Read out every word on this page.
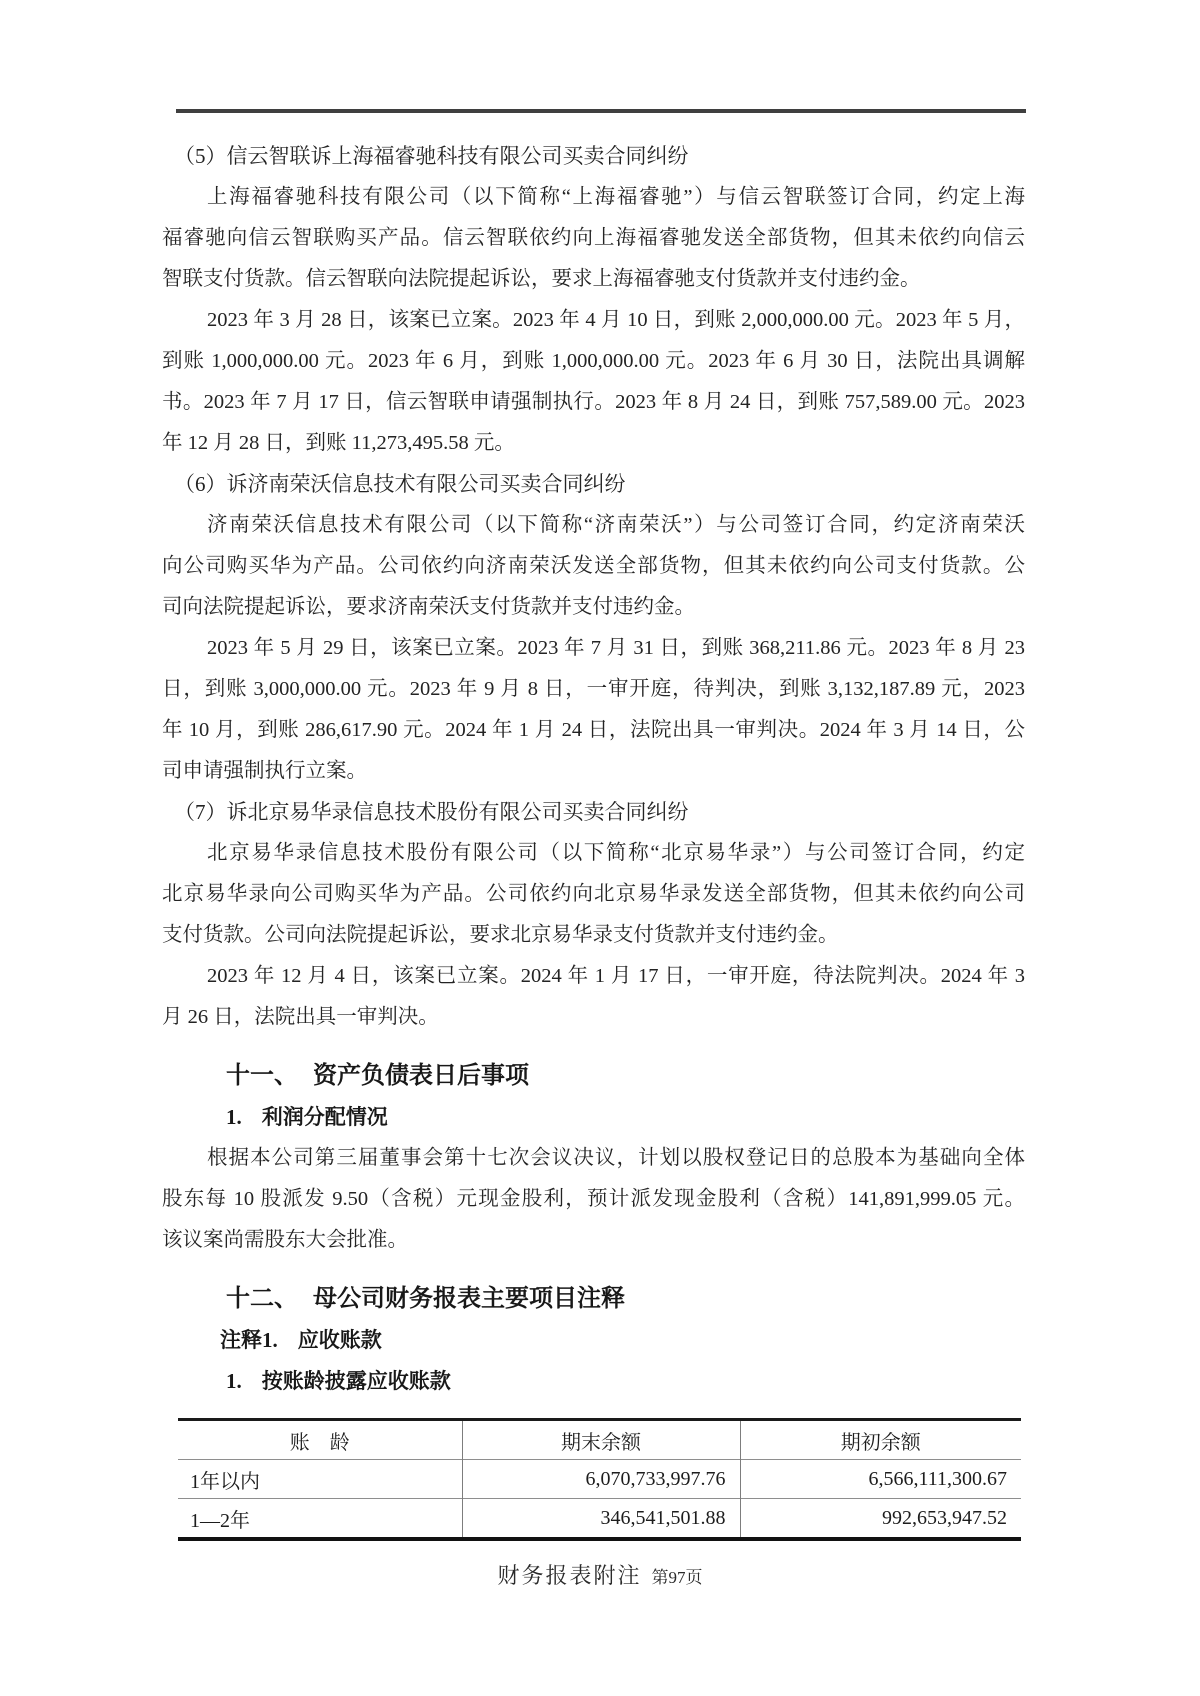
（5）信云智联诉上海福睿驰科技有限公司买卖合同纠纷
上海福睿驰科技有限公司（以下简称“上海福睿驰”）与信云智联签订合同，约定上海
福睿驰向信云智联购买产品。信云智联依约向上海福睿驰发送全部货物，但其未依约向信云
智联支付货款。信云智联向法院提起诉讼，要求上海福睿驰支付货款并支付违约金。
2023 年 3 月 28 日，该案已立案。2023 年 4 月 10 日，到账 2,000,000.00 元。2023 年 5 月，
到账 1,000,000.00 元。2023 年 6 月，到账 1,000,000.00 元。2023 年 6 月 30 日，法院出具调解
书。2023 年 7 月 17 日，信云智联申请强制执行。2023 年 8 月 24 日，到账 757,589.00 元。2023
年 12 月 28 日，到账 11,273,495.58 元。
（6）诉济南荣沃信息技术有限公司买卖合同纠纷
济南荣沃信息技术有限公司（以下简称“济南荣沃”）与公司签订合同，约定济南荣沃
向公司购买华为产品。公司依约向济南荣沃发送全部货物，但其未依约向公司支付货款。公
司向法院提起诉讼，要求济南荣沃支付货款并支付违约金。
2023 年 5 月 29 日，该案已立案。2023 年 7 月 31 日，到账 368,211.86 元。2023 年 8 月 23
日，到账 3,000,000.00 元。2023 年 9 月 8 日，一审开庭，待判决，到账 3,132,187.89 元，2023
年 10 月，到账 286,617.90 元。2024 年 1 月 24 日，法院出具一审判决。2024 年 3 月 14 日，公
司申请强制执行立案。
（7）诉北京易华录信息技术股份有限公司买卖合同纠纷
北京易华录信息技术股份有限公司（以下简称“北京易华录”）与公司签订合同，约定
北京易华录向公司购买华为产品。公司依约向北京易华录发送全部货物，但其未依约向公司
支付货款。公司向法院提起诉讼，要求北京易华录支付货款并支付违约金。
2023 年 12 月 4 日，该案已立案。2024 年 1 月 17 日，一审开庭，待法院判决。2024 年 3
月 26 日，法院出具一审判决。
十一、 资产负债表日后事项
1. 利润分配情况
根据本公司第三届董事会第十七次会议决议，计划以股权登记日的总股本为基础向全体
股东每 10 股派发 9.50（含税）元现金股利，预计派发现金股利（含税）141,891,999.05 元。
该议案尚需股东大会批准。
十二、 母公司财务报表主要项目注释
注释1. 应收账款
1. 按账龄披露应收账款
账　龄	期末余额	期初余额
1年以内	6,070,733,997.76	6,566,111,300.67
1—2年	346,541,501.88	992,653,947.52
财务报表附注 第97页
